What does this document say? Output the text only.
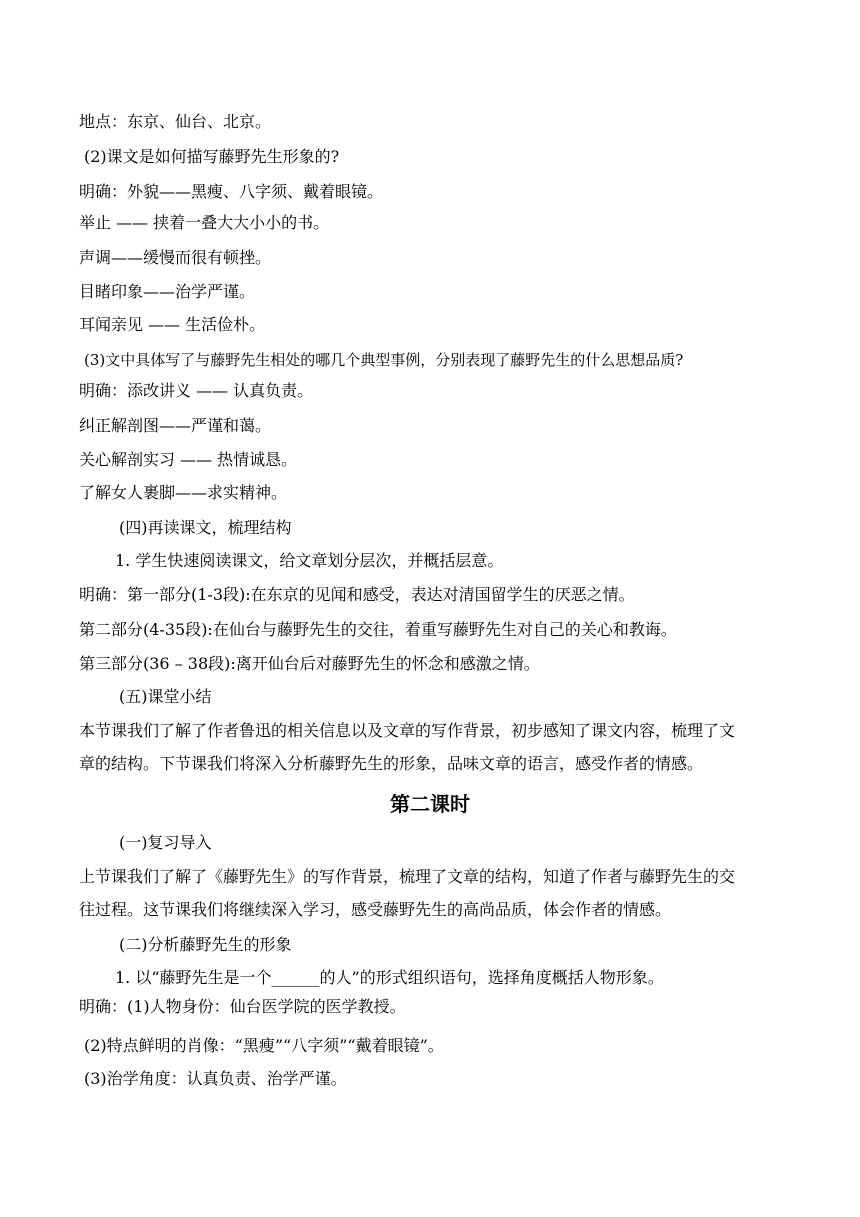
地点：东京、仙台、北京。
(2)课文是如何描写藤野先生形象的?
明确：外貌——黑瘦、八字须、戴着眼镜。
举止 —— 挟着一叠大大小小的书。
声调——缓慢而很有顿挫。
目睹印象——治学严谨。
耳闻亲见 —— 生活俭朴。
(3)文中具体写了与藤野先生相处的哪几个典型事例，分别表现了藤野先生的什么思想品质?
明确：添改讲义 —— 认真负责。
纠正解剖图——严谨和蔼。
关心解剖实习 —— 热情诚恳。
了解女人裹脚——求实精神。
(四)再读课文，梳理结构
1. 学生快速阅读课文，给文章划分层次，并概括层意。
明确：第一部分(1-3段):在东京的见闻和感受，表达对清国留学生的厌恶之情。
第二部分(4-35段):在仙台与藤野先生的交往，着重写藤野先生对自己的关心和教诲。
第三部分(36 – 38段):离开仙台后对藤野先生的怀念和感激之情。
(五)课堂小结
本节课我们了解了作者鲁迅的相关信息以及文章的写作背景，初步感知了课文内容，梳理了文
章的结构。下节课我们将深入分析藤野先生的形象，品味文章的语言，感受作者的情感。
第二课时
(一)复习导入
上节课我们了解了《藤野先生》的写作背景，梳理了文章的结构，知道了作者与藤野先生的交
往过程。这节课我们将继续深入学习，感受藤野先生的高尚品质，体会作者的情感。
(二)分析藤野先生的形象
1. 以“藤野先生是一个______的人”的形式组织语句，选择角度概括人物形象。
明确：(1)人物身份：仙台医学院的医学教授。
(2)特点鲜明的肖像：“黑瘦”“八字须”“戴着眼镜”。
(3)治学角度：认真负责、治学严谨。
